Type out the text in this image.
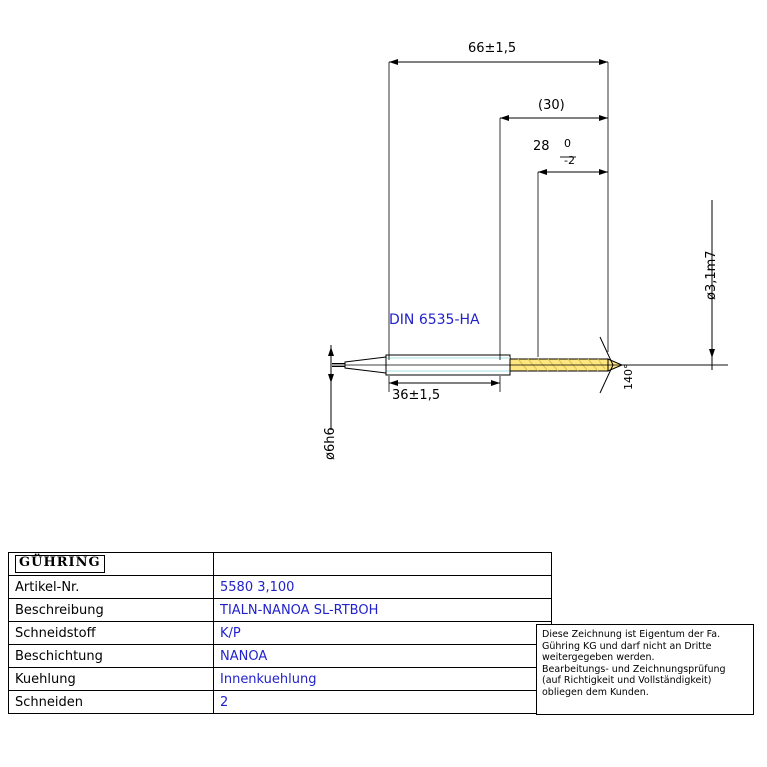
66±1,5
(30)
28 0
-2
DIN 6535-HA
36±1,5
ø6h6
ø3,1m7
140°
GÜHRING	
Artikel-Nr.	5580 3,100
Beschreibung	TIALN-NANOA SL-RTBOH
Schneidstoff	K/P
Beschichtung	NANOA
Kuehlung	Innenkuehlung
Schneiden	2
Diese Zeichnung ist Eigentum der Fa.
Gühring KG und darf nicht an Dritte
weitergegeben werden.
Bearbeitungs- und Zeichnungsprüfung
(auf Richtigkeit und Vollständigkeit)
obliegen dem Kunden.
